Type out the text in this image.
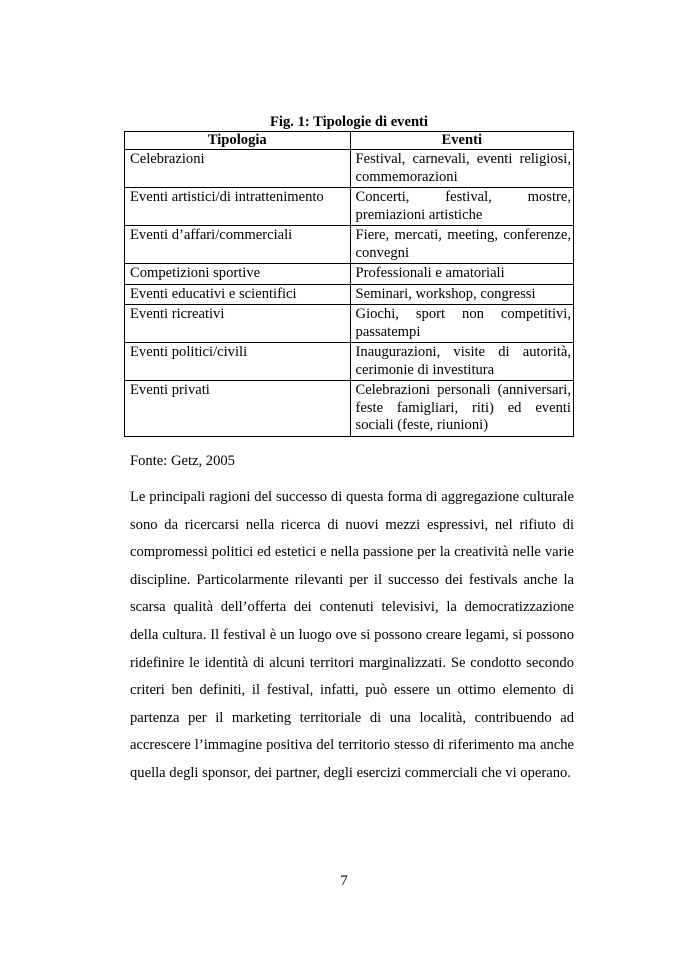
Fig. 1: Tipologie di eventi
Tipologia	Eventi
Celebrazioni	Festival, carnevali, eventi religiosi, commemorazioni
Eventi artistici/di intrattenimento	Concerti, festival, mostre, premiazioni artistiche
Eventi d’affari/commerciali	Fiere, mercati, meeting, conferenze, convegni
Competizioni sportive	Professionali e amatoriali
Eventi educativi e scientifici	Seminari, workshop, congressi
Eventi ricreativi	Giochi, sport non competitivi, passatempi
Eventi politici/civili	Inaugurazioni, visite di autorità, cerimonie di investitura
Eventi privati	Celebrazioni personali (anniversari, feste famigliari, riti) ed eventi sociali (feste, riunioni)
Fonte: Getz, 2005

Le principali ragioni del successo di questa forma di aggregazione culturale sono da ricercarsi nella ricerca di nuovi mezzi espressivi, nel rifiuto di compromessi politici ed estetici e nella passione per la creatività nelle varie discipline. Particolarmente rilevanti per il successo dei festivals anche la scarsa qualità dell’offerta dei contenuti televisivi, la democratizzazione della cultura. Il festival è un luogo ove si possono creare legami, si possono ridefinire le identità di alcuni territori marginalizzati. Se condotto secondo criteri ben definiti, il festival, infatti, può essere un ottimo elemento di partenza per il marketing territoriale di una località, contribuendo ad accrescere l’immagine positiva del territorio stesso di riferimento ma anche quella degli sponsor, dei partner, degli esercizi commerciali che vi operano.

7
